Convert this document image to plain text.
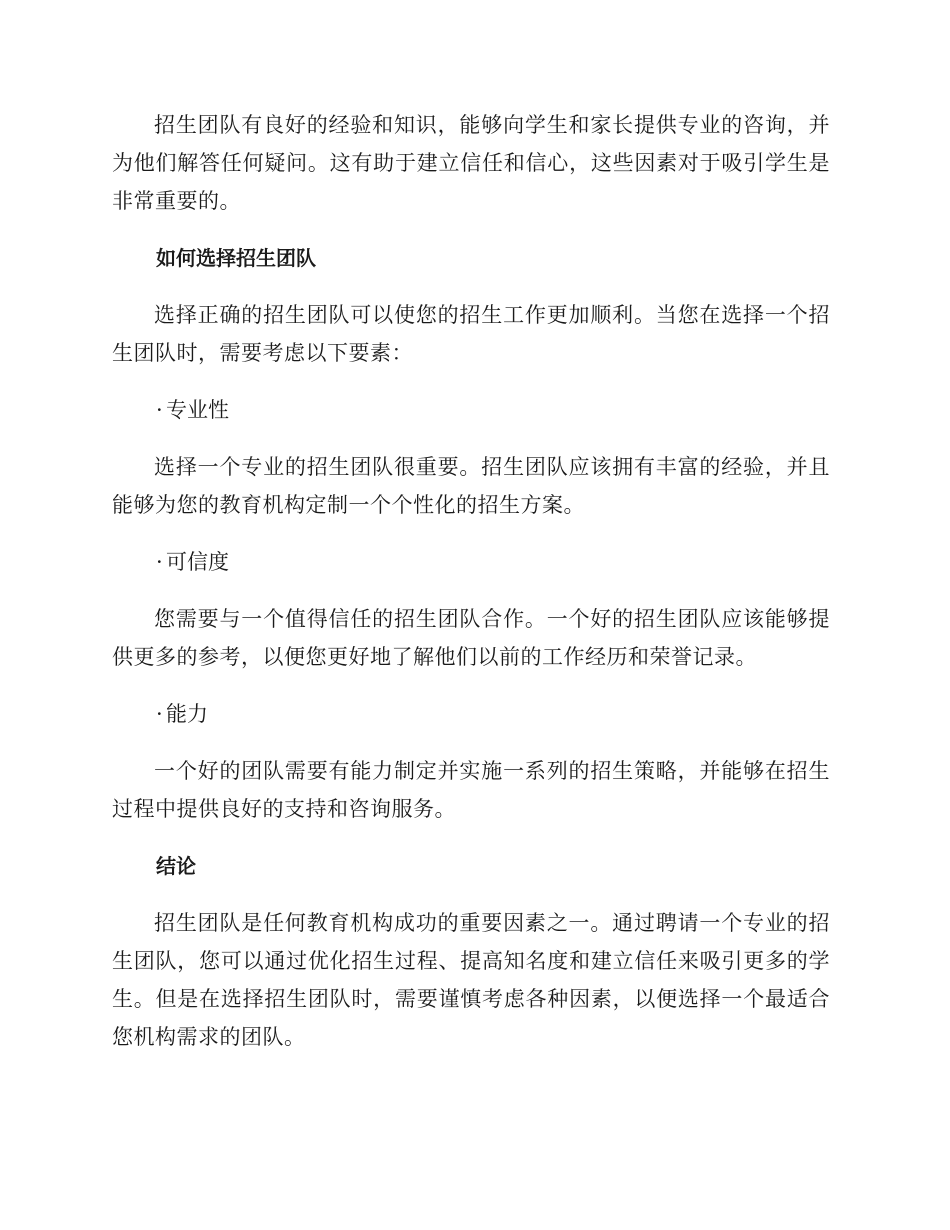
招生团队有良好的经验和知识，能够向学生和家长提供专业的咨询，并为他们解答任何疑问。这有助于建立信任和信心，这些因素对于吸引学生是非常重要的。

如何选择招生团队

选择正确的招生团队可以使您的招生工作更加顺利。当您在选择一个招生团队时，需要考虑以下要素：

· 专业性

选择一个专业的招生团队很重要。招生团队应该拥有丰富的经验，并且能够为您的教育机构定制一个个性化的招生方案。

· 可信度

您需要与一个值得信任的招生团队合作。一个好的招生团队应该能够提供更多的参考，以便您更好地了解他们以前的工作经历和荣誉记录。

· 能力

一个好的团队需要有能力制定并实施一系列的招生策略，并能够在招生过程中提供良好的支持和咨询服务。

结论

招生团队是任何教育机构成功的重要因素之一。通过聘请一个专业的招生团队，您可以通过优化招生过程、提高知名度和建立信任来吸引更多的学生。但是在选择招生团队时，需要谨慎考虑各种因素，以便选择一个最适合您机构需求的团队。
